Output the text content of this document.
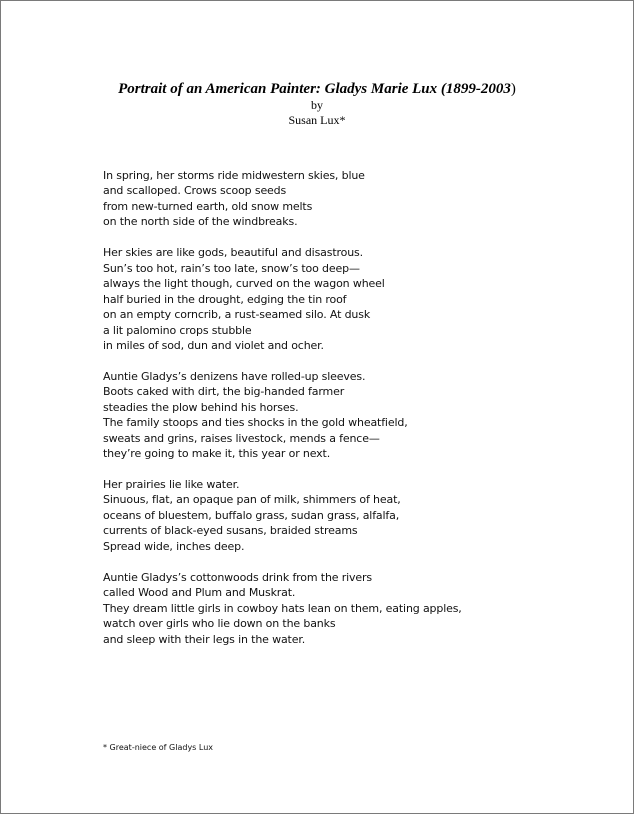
Portrait of an American Painter: Gladys Marie Lux (1899-2003)
by
Susan Lux*
In spring, her storms ride midwestern skies, blue
and scalloped. Crows scoop seeds
from new-turned earth, old snow melts
on the north side of the windbreaks.
Her skies are like gods, beautiful and disastrous.
Sun’s too hot, rain’s too late, snow’s too deep—
always the light though, curved on the wagon wheel
half buried in the drought, edging the tin roof
on an empty corncrib, a rust-seamed silo. At dusk
a lit palomino crops stubble
in miles of sod, dun and violet and ocher.
Auntie Gladys’s denizens have rolled-up sleeves.
Boots caked with dirt, the big-handed farmer
steadies the plow behind his horses.
The family stoops and ties shocks in the gold wheatfield,
sweats and grins, raises livestock, mends a fence—
they’re going to make it, this year or next.
Her prairies lie like water.
Sinuous, flat, an opaque pan of milk, shimmers of heat,
oceans of bluestem, buffalo grass, sudan grass, alfalfa,
currents of black-eyed susans, braided streams
Spread wide, inches deep.
Auntie Gladys’s cottonwoods drink from the rivers
called Wood and Plum and Muskrat.
They dream little girls in cowboy hats lean on them, eating apples,
watch over girls who lie down on the banks
and sleep with their legs in the water.
* Great-niece of Gladys Lux
